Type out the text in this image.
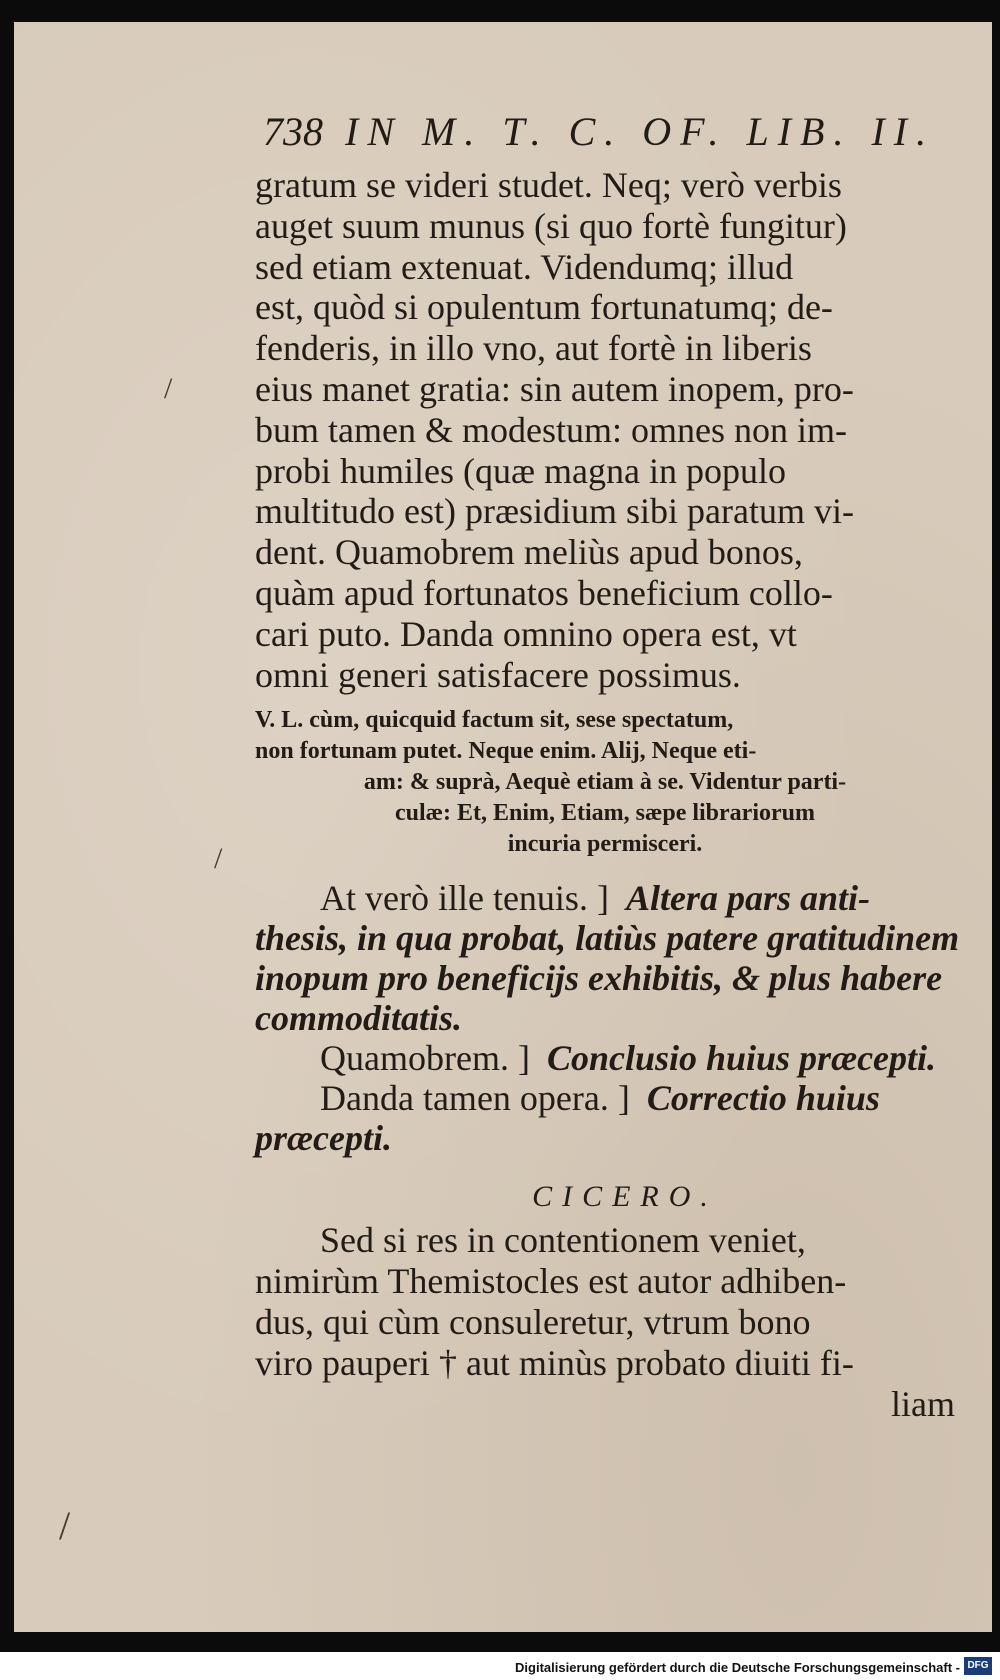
/
/
/
738 IN M. T. C. OF. LIB. II.
gratum se videri studet. Neq; verò verbis
auget suum munus (si quo fortè fungitur)
sed etiam extenuat. Videndumq; illud
est, quòd si opulentum fortunatumq; de-
fenderis, in illo vno, aut fortè in liberis
eius manet gratia: sin autem inopem, pro-
bum tamen & modestum: omnes non im-
probi humiles (quæ magna in populo
multitudo est) præsidium sibi paratum vi-
dent. Quamobrem meliùs apud bonos,
quàm apud fortunatos beneficium collo-
cari puto. Danda omnino opera est, vt
omni generi satisfacere possimus.
V. L. cùm, quicquid factum sit, sese spectatum,
non fortunam putet. Neque enim. Alij, Neque eti-
am: & suprà, Aequè etiam à se. Videntur parti-
culæ: Et, Enim, Etiam, sæpe librariorum
incuria permisceri.
At verò ille tenuis. ] Altera pars anti-
thesis, in qua probat, latiùs patere gratitudinem
inopum pro beneficijs exhibitis, & plus habere
commoditatis.
Quamobrem. ] Conclusio huius præcepti.
Danda tamen opera. ] Correctio huius
præcepti.
CICERO.
Sed si res in contentionem veniet,
nimirùm Themistocles est autor adhiben-
dus, qui cùm consuleretur, vtrum bono
viro pauperi † aut minùs probato diuiti fi-
liam
Digitalisierung gefördert durch die Deutsche Forschungsgemeinschaft - DFG
